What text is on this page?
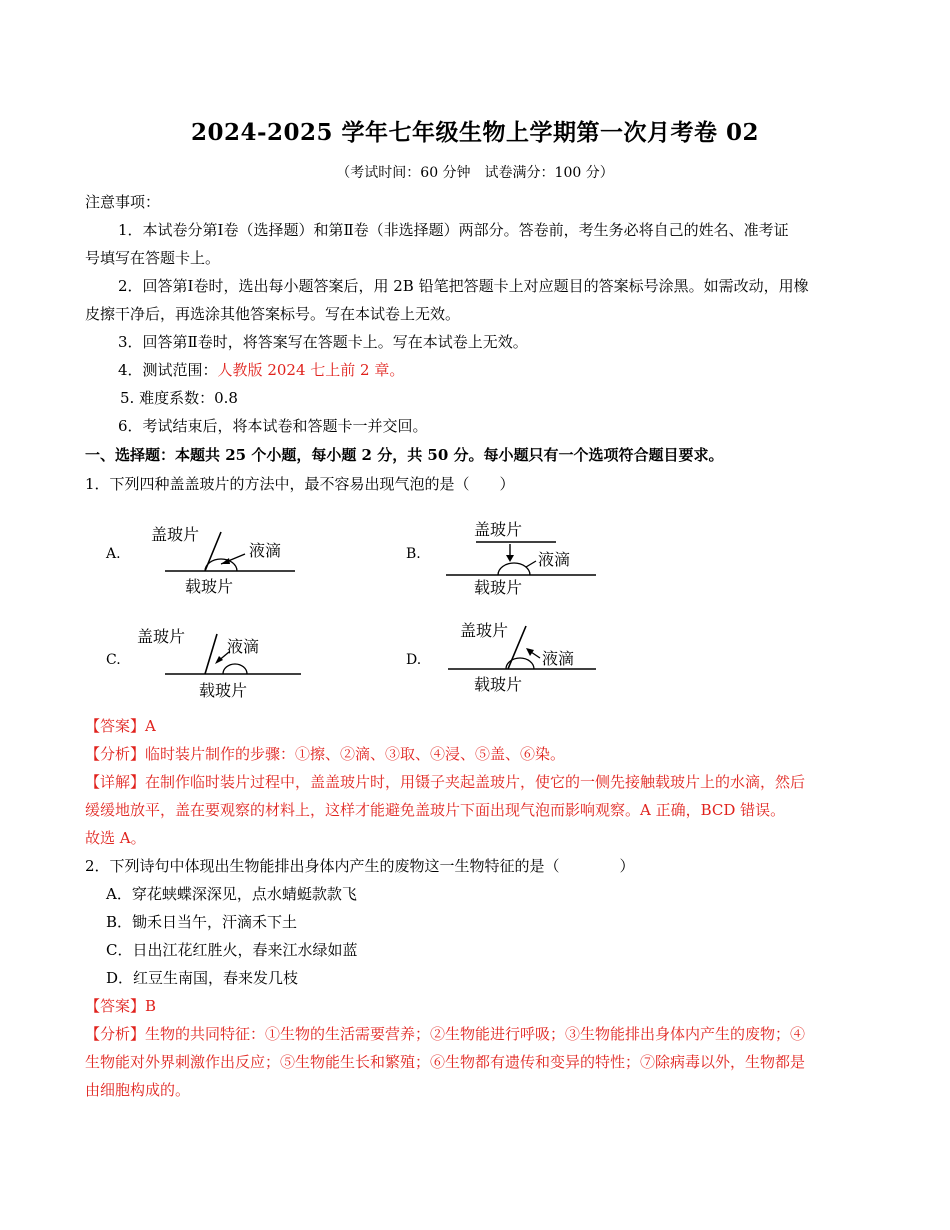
2024-2025 学年七年级生物上学期第一次月考卷 02
（考试时间：60 分钟　试卷满分：100 分）
注意事项：
1．本试卷分第Ⅰ卷（选择题）和第Ⅱ卷（非选择题）两部分。答卷前，考生务必将自己的姓名、准考证
号填写在答题卡上。
2．回答第Ⅰ卷时，选出每小题答案后，用 2B 铅笔把答题卡上对应题目的答案标号涂黑。如需改动，用橡
皮擦干净后，再选涂其他答案标号。写在本试卷上无效。
3．回答第Ⅱ卷时，将答案写在答题卡上。写在本试卷上无效。
4．测试范围：人教版 2024 七上前 2 章。
5. 难度系数：0.8
6．考试结束后，将本试卷和答题卡一并交回。
一、选择题：本题共 25 个小题，每小题 2 分，共 50 分。每小题只有一个选项符合题目要求。
1．下列四种盖盖玻片的方法中，最不容易出现气泡的是（　　）
A.
盖玻片
液滴
载玻片
B.
盖玻片
液滴
载玻片
C.
盖玻片
液滴
载玻片
D.
盖玻片
液滴
载玻片
【答案】A
【分析】临时装片制作的步骤：①擦、②滴、③取、④浸、⑤盖、⑥染。
【详解】在制作临时装片过程中，盖盖玻片时，用镊子夹起盖玻片，使它的一侧先接触载玻片上的水滴，然后
缓缓地放平，盖在要观察的材料上，这样才能避免盖玻片下面出现气泡而影响观察。A 正确，BCD 错误。
故选 A。
2．下列诗句中体现出生物能排出身体内产生的废物这一生物特征的是（　　　　）
A．穿花蛱蝶深深见，点水蜻蜓款款飞
B．锄禾日当午，汗滴禾下土
C．日出江花红胜火，春来江水绿如蓝
D．红豆生南国，春来发几枝
【答案】B
【分析】生物的共同特征：①生物的生活需要营养；②生物能进行呼吸；③生物能排出身体内产生的废物；④
生物能对外界刺激作出反应；⑤生物能生长和繁殖；⑥生物都有遗传和变异的特性；⑦除病毒以外，生物都是
由细胞构成的。
